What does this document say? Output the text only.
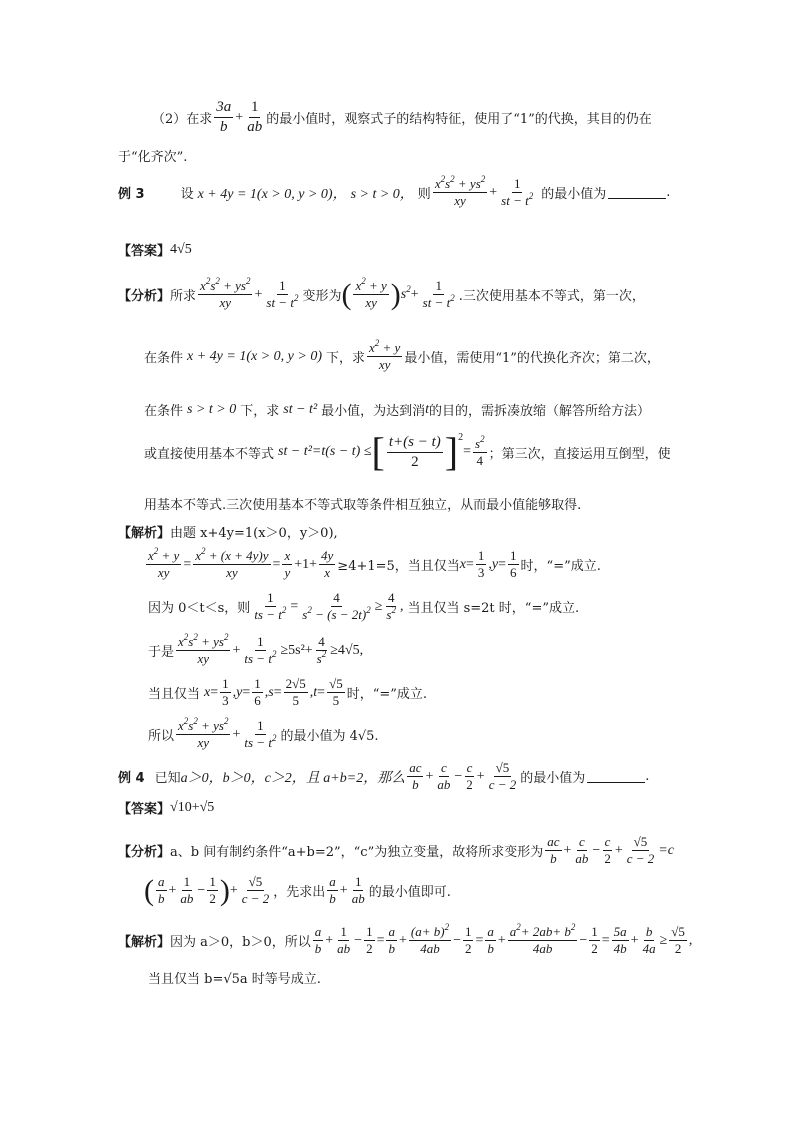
（2）在求 $\frac{3a}{b} + \frac{1}{ab}$ 的最小值时，观察式子的结构特征，使用了“1”的代换，其目的仍在
于“化齐次”.
例 3	设 x + 4y = 1(x > 0, y > 0)， s > t > 0， 则 $\frac{x^2s^2 + ys^2}{xy} + \frac{1}{st - t^2}$ 的最小值为	.
【答案】 4√5
【分析】 所求 $\frac{x^2s^2 + ys^2}{xy} + \frac{1}{st - t^2}$ 变形为 ( $\frac{x^2 + y}{xy}$ ) $s^2 + \frac{1}{st - t^2}$ .三次使用基本不等式，第一次，
在条件 x + 4y = 1(x > 0, y > 0) 下，求 $\frac{x^2 + y}{xy}$ 最小值，需使用“1”的代换化齐次；第二次，
在条件 s > t > 0 下，求 st − t² 最小值，为达到消 t 的目的，需拆凑放缩（解答所给方法）
或直接使用基本不等式 st − t²=t(s − t) ≤ [ $\frac{t+(s - t)}{2}$ ] 2
= $\frac{s^2}{4}$ ；第三次，直接运用互倒型，使
用基本不等式.三次使用基本不等式取等条件相互独立，从而最小值能够取得.
【解析】 由题 x+4y=1(x＞0，y＞0),
$\frac{x^2 + y}{xy} = \frac{x^2 + (x + 4y)y}{xy} = \frac{x}{y} +1+ \frac{4y}{x} \ge 4+1=5$，当且仅当 $x = \frac{1}{3}$ , $y = \frac{1}{6}$ 时，“=”成立.
因为 0＜t＜s，则 $\frac{1}{ts - t^2} = \frac{4}{s^2 - (s - 2t)^2} \ge \frac{4}{s^2}$ , 当且仅当 s=2t 时，“=”成立.
于是 $\frac{x^2s^2 + ys^2}{xy} + \frac{1}{ts - t^2} \ge 5s^2+ \frac{4}{s^2} \ge 4√5$,
当且仅当 $x = \frac{1}{3}$ , $y = \frac{1}{6}$ , $s = \frac{2√5}{5}$ , $t = \frac{√5}{5}$ 时，“=”成立.
所以 $\frac{x^2s^2 + ys^2}{xy} + \frac{1}{ts - t^2}$ 的最小值为 4√5.
例 4 已知 a＞0，b＞0，c＞2，且 a+b=2，那么 $\frac{ac}{b} + \frac{c}{ab} - \frac{c}{2} + \frac{√5}{c - 2}$ 的最小值为	.
【答案】 √10+√5
【分析】 a、b 间有制约条件“a+b=2”，“c”为独立变量，故将所求变形为 $\frac{ac}{b} + \frac{c}{ab} - \frac{c}{2} + \frac{√5}{c - 2} =c$
( $\frac{a}{b} + \frac{1}{ab} - \frac{1}{2}$ ) + $\frac{√5}{c - 2}$ ，先求出 $\frac{a}{b} + \frac{1}{ab}$ 的最小值即可.
【解析】 因为 a＞0，b＞0，所以 $\frac{a}{b} + \frac{1}{ab} - \frac{1}{2} = \frac{a}{b} + \frac{(a+ b)^2}{4ab} - \frac{1}{2} = \frac{a}{b} + \frac{a^2+ 2ab+ b^2}{4ab} - \frac{1}{2} = \frac{5a}{4b} + \frac{b}{4a} \ge \frac{√5}{2}$ ,
当且仅当 b=√5a 时等号成立.
